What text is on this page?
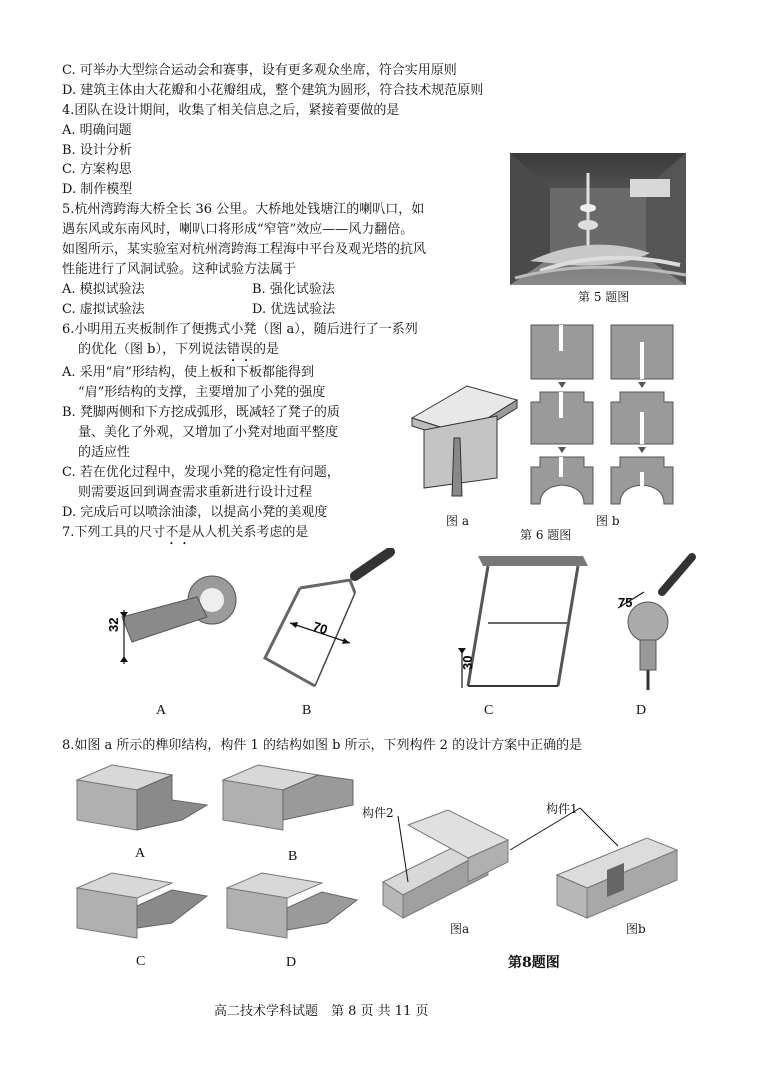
C. 可举办大型综合运动会和赛事，设有更多观众坐席，符合实用原则
D. 建筑主体由大花瓣和小花瓣组成，整个建筑为圆形，符合技术规范原则
4.团队在设计期间，收集了相关信息之后，紧接着要做的是
A. 明确问题
B. 设计分析
C. 方案构思
D. 制作模型
5.杭州湾跨海大桥全长 36 公里。大桥地处钱塘江的喇叭口，如
遇东风或东南风时，喇叭口将形成“窄管”效应——风力翻倍。
如图所示，某实验室对杭州湾跨海工程海中平台及观光塔的抗风
性能进行了风洞试验。这种试验方法属于
A. 模拟试验法	B. 强化试验法
C. 虚拟试验法	D. 优选试验法
6.小明用五夹板制作了便携式小凳（图 a），随后进行了一系列
的优化（图 b），下列说法错误的是
A. 采用“肩”形结构，使上板和下板都能得到
“肩”形结构的支撑，主要增加了小凳的强度
B. 凳脚两侧和下方挖成弧形，既减轻了凳子的质
量、美化了外观，又增加了小凳对地面平整度
的适应性
C. 若在优化过程中，发现小凳的稳定性有问题，
则需要返回到调查需求重新进行设计过程
D. 完成后可以喷涂油漆，以提高小凳的美观度
7.下列工具的尺寸不是从人机关系考虑的是
8.如图 a 所示的榫卯结构，构件 1 的结构如图 b 所示，下列构件 2 的设计方案中正确的是
第 5 题图
图 a	图 b
第 6 题图
32	70
30
75
A	B	C	D
A	B
C	D
构件2	构件1
图a	图b
第8题图
高二技术学科试题　第 8 页 共 11 页
